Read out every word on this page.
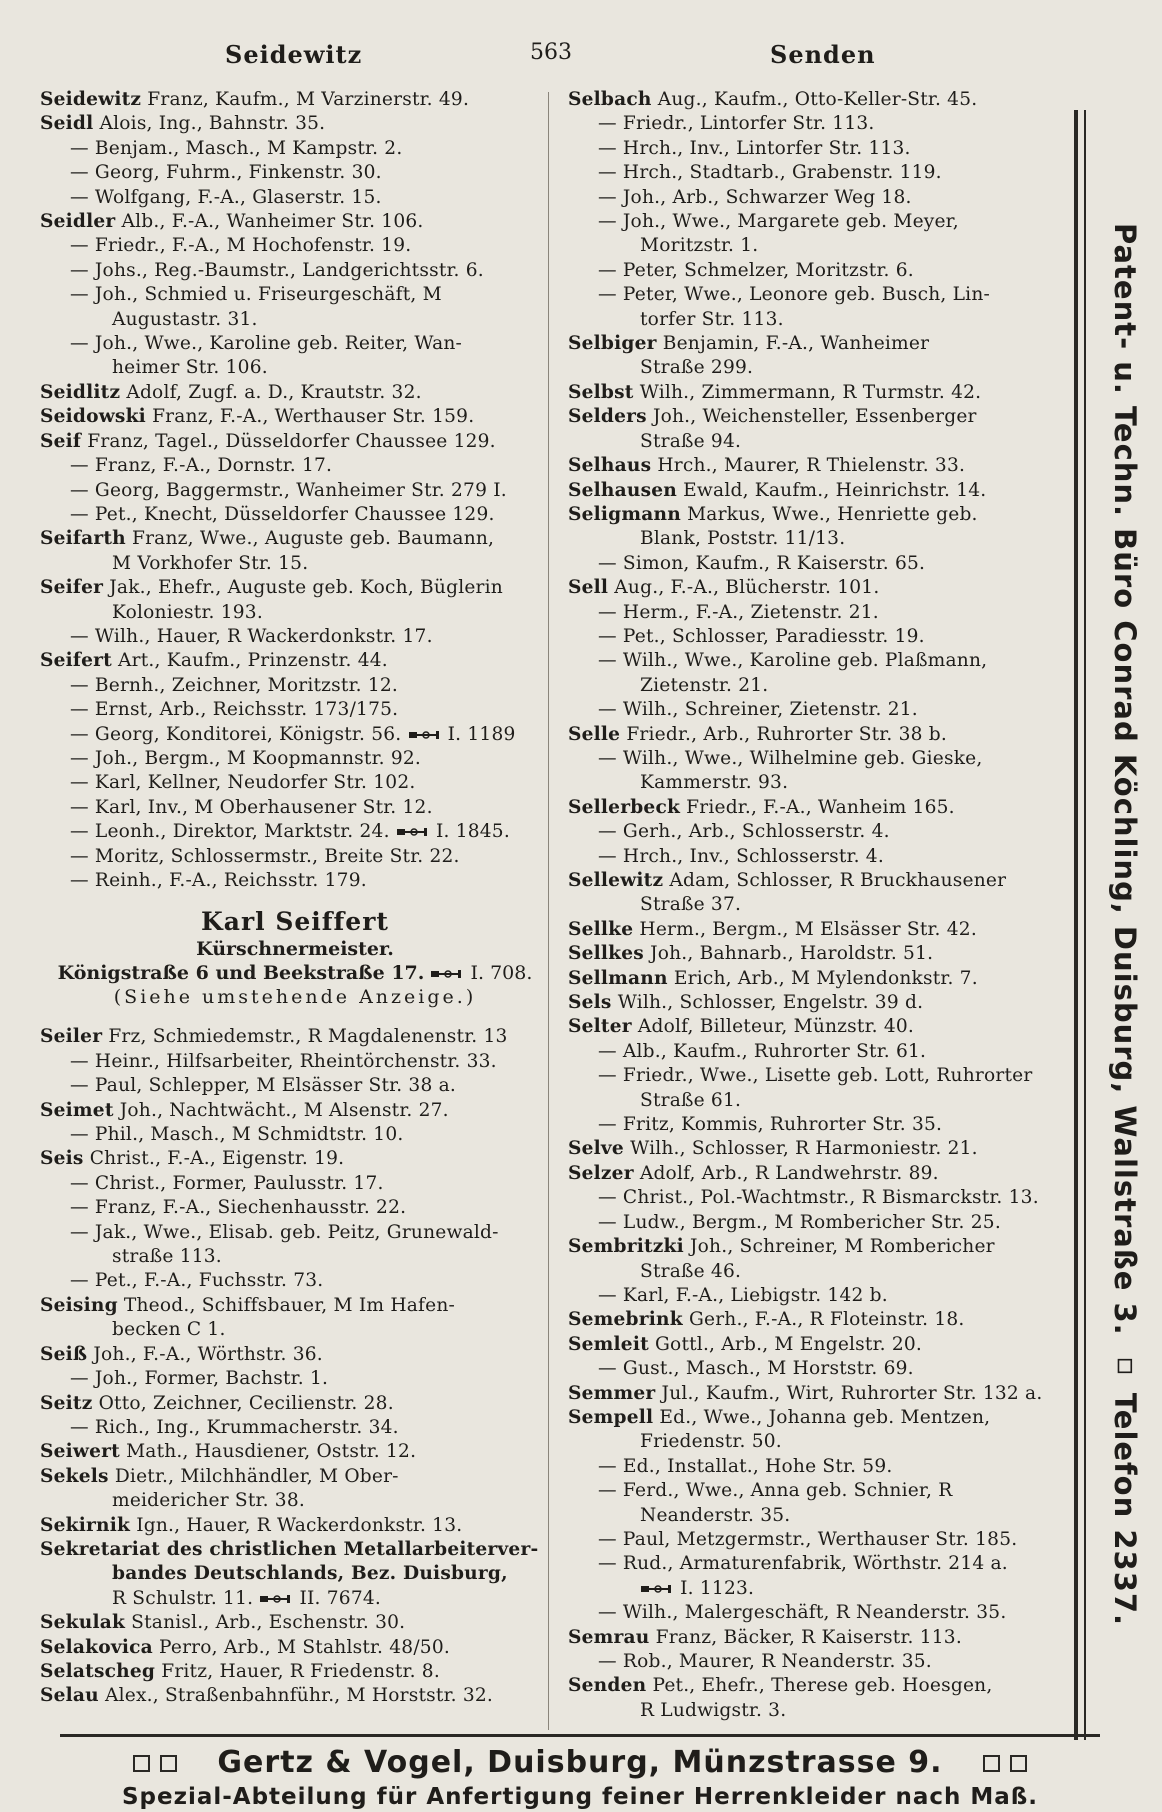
Seidewitz	563	Senden
Seidewitz Franz, Kaufm., M Varzinerstr. 49.
Seidl Alois, Ing., Bahnstr. 35.
— Benjam., Masch., M Kampstr. 2.
— Georg, Fuhrm., Finkenstr. 30.
— Wolfgang, F.-A., Glaserstr. 15.
Seidler Alb., F.-A., Wanheimer Str. 106.
— Friedr., F.-A., M Hochofenstr. 19.
— Johs., Reg.-Baumstr., Landgerichtsstr. 6.
— Joh., Schmied u. Friseurgeschäft, M
Augustastr. 31.
— Joh., Wwe., Karoline geb. Reiter, Wan-
heimer Str. 106.
Seidlitz Adolf, Zugf. a. D., Krautstr. 32.
Seidowski Franz, F.-A., Werthauser Str. 159.
Seif Franz, Tagel., Düsseldorfer Chaussee 129.
— Franz, F.-A., Dornstr. 17.
— Georg, Baggermstr., Wanheimer Str. 279 I.
— Pet., Knecht, Düsseldorfer Chaussee 129.
Seifarth Franz, Wwe., Auguste geb. Baumann,
M Vorkhofer Str. 15.
Seifer Jak., Ehefr., Auguste geb. Koch, Büglerin
Koloniestr. 193.
— Wilh., Hauer, R Wackerdonkstr. 17.
Seifert Art., Kaufm., Prinzenstr. 44.
— Bernh., Zeichner, Moritzstr. 12.
— Ernst, Arb., Reichsstr. 173/175.
— Georg, Konditorei, Königstr. 56. I. 1189
— Joh., Bergm., M Koopmannstr. 92.
— Karl, Kellner, Neudorfer Str. 102.
— Karl, Inv., M Oberhausener Str. 12.
— Leonh., Direktor, Marktstr. 24. I. 1845.
— Moritz, Schlossermstr., Breite Str. 22.
— Reinh., F.-A., Reichsstr. 179.
Karl Seiffert
Kürschnermeister.
Königstraße 6 und Beekstraße 17. I. 708.
(Siehe umstehende Anzeige.)
Seiler Frz, Schmiedemstr., R Magdalenenstr. 13
— Heinr., Hilfsarbeiter, Rheintörchenstr. 33.
— Paul, Schlepper, M Elsässer Str. 38 a.
Seimet Joh., Nachtwächt., M Alsenstr. 27.
— Phil., Masch., M Schmidtstr. 10.
Seis Christ., F.-A., Eigenstr. 19.
— Christ., Former, Paulusstr. 17.
— Franz, F.-A., Siechenhausstr. 22.
— Jak., Wwe., Elisab. geb. Peitz, Grunewald-
straße 113.
— Pet., F.-A., Fuchsstr. 73.
Seising Theod., Schiffsbauer, M Im Hafen-
becken C 1.
Seiß Joh., F.-A., Wörthstr. 36.
— Joh., Former, Bachstr. 1.
Seitz Otto, Zeichner, Cecilienstr. 28.
— Rich., Ing., Krummacherstr. 34.
Seiwert Math., Hausdiener, Oststr. 12.
Sekels Dietr., Milchhändler, M Ober-
meidericher Str. 38.
Sekirnik Ign., Hauer, R Wackerdonkstr. 13.
Sekretariat des christlichen Metallarbeiterver-
bandes Deutschlands, Bez. Duisburg,
R Schulstr. 11. II. 7674.
Sekulak Stanisl., Arb., Eschenstr. 30.
Selakovica Perro, Arb., M Stahlstr. 48/50.
Selatscheg Fritz, Hauer, R Friedenstr. 8.
Selau Alex., Straßenbahnführ., M Horststr. 32.
Selbach Aug., Kaufm., Otto-Keller-Str. 45.
— Friedr., Lintorfer Str. 113.
— Hrch., Inv., Lintorfer Str. 113.
— Hrch., Stadtarb., Grabenstr. 119.
— Joh., Arb., Schwarzer Weg 18.
— Joh., Wwe., Margarete geb. Meyer,
Moritzstr. 1.
— Peter, Schmelzer, Moritzstr. 6.
— Peter, Wwe., Leonore geb. Busch, Lin-
torfer Str. 113.
Selbiger Benjamin, F.-A., Wanheimer
Straße 299.
Selbst Wilh., Zimmermann, R Turmstr. 42.
Selders Joh., Weichensteller, Essenberger
Straße 94.
Selhaus Hrch., Maurer, R Thielenstr. 33.
Selhausen Ewald, Kaufm., Heinrichstr. 14.
Seligmann Markus, Wwe., Henriette geb.
Blank, Poststr. 11/13.
— Simon, Kaufm., R Kaiserstr. 65.
Sell Aug., F.-A., Blücherstr. 101.
— Herm., F.-A., Zietenstr. 21.
— Pet., Schlosser, Paradiesstr. 19.
— Wilh., Wwe., Karoline geb. Plaßmann,
Zietenstr. 21.
— Wilh., Schreiner, Zietenstr. 21.
Selle Friedr., Arb., Ruhrorter Str. 38 b.
— Wilh., Wwe., Wilhelmine geb. Gieske,
Kammerstr. 93.
Sellerbeck Friedr., F.-A., Wanheim 165.
— Gerh., Arb., Schlosserstr. 4.
— Hrch., Inv., Schlosserstr. 4.
Sellewitz Adam, Schlosser, R Bruckhausener
Straße 37.
Sellke Herm., Bergm., M Elsässer Str. 42.
Sellkes Joh., Bahnarb., Haroldstr. 51.
Sellmann Erich, Arb., M Mylendonkstr. 7.
Sels Wilh., Schlosser, Engelstr. 39 d.
Selter Adolf, Billeteur, Münzstr. 40.
— Alb., Kaufm., Ruhrorter Str. 61.
— Friedr., Wwe., Lisette geb. Lott, Ruhrorter
Straße 61.
— Fritz, Kommis, Ruhrorter Str. 35.
Selve Wilh., Schlosser, R Harmoniestr. 21.
Selzer Adolf, Arb., R Landwehrstr. 89.
— Christ., Pol.-Wachtmstr., R Bismarckstr. 13.
— Ludw., Bergm., M Rombericher Str. 25.
Sembritzki Joh., Schreiner, M Rombericher
Straße 46.
— Karl, F.-A., Liebigstr. 142 b.
Semebrink Gerh., F.-A., R Floteinstr. 18.
Semleit Gottl., Arb., M Engelstr. 20.
— Gust., Masch., M Horststr. 69.
Semmer Jul., Kaufm., Wirt, Ruhrorter Str. 132 a.
Sempell Ed., Wwe., Johanna geb. Mentzen,
Friedenstr. 50.
— Ed., Installat., Hohe Str. 59.
— Ferd., Wwe., Anna geb. Schnier, R
Neanderstr. 35.
— Paul, Metzgermstr., Werthauser Str. 185.
— Rud., Armaturenfabrik, Wörthstr. 214 a.
I. 1123.
— Wilh., Malergeschäft, R Neanderstr. 35.
Semrau Franz, Bäcker, R Kaiserstr. 113.
— Rob., Maurer, R Neanderstr. 35.
Senden Pet., Ehefr., Therese geb. Hoesgen,
R Ludwigstr. 3.
Patent- u. Techn. Büro Conrad Köchling, Duisburg, Wallstraße 3. ▫ Telefon 2337.
Gertz & Vogel, Duisburg, Münzstrasse 9.
Spezial-Abteilung für Anfertigung feiner Herrenkleider nach Maß.
